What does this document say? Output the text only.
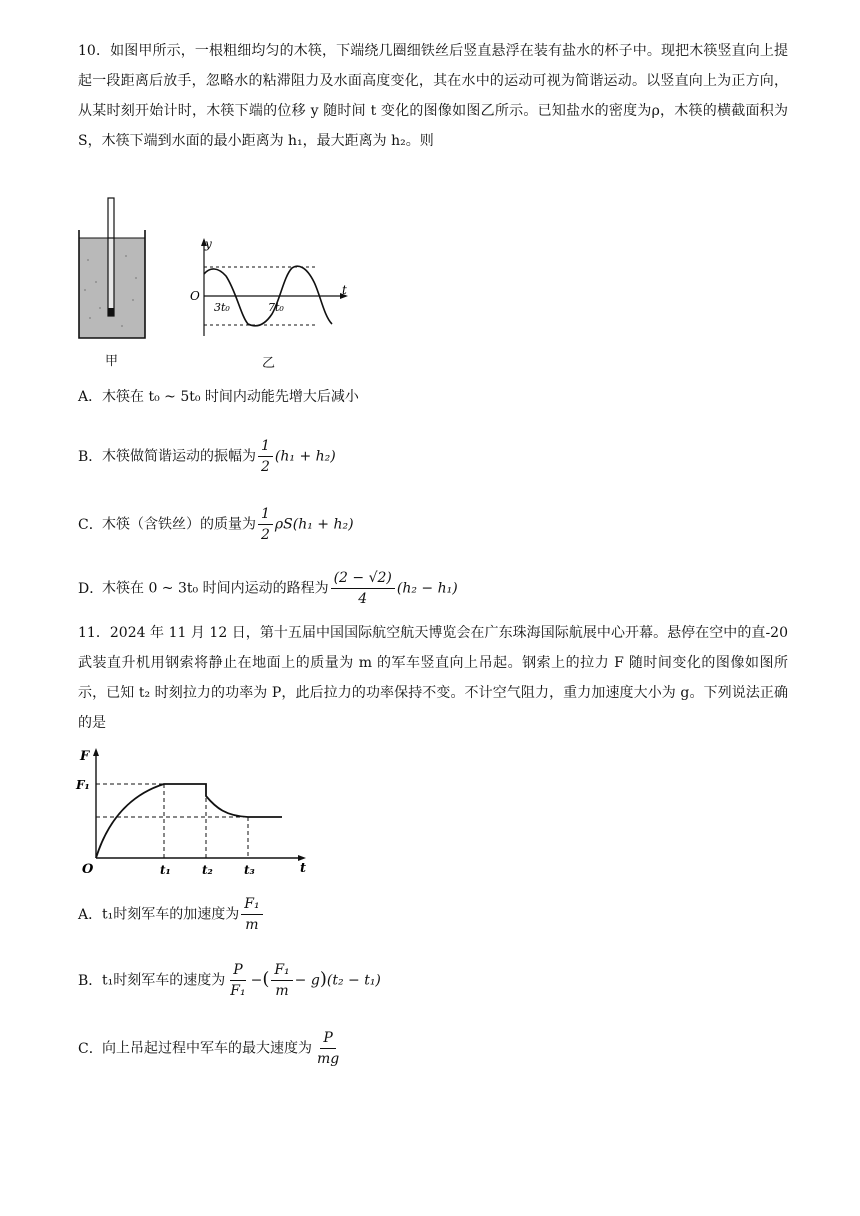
10．如图甲所示，一根粗细均匀的木筷，下端绕几圈细铁丝后竖直悬浮在装有盐水的杯子中。现把木筷竖直向上提起一段距离后放手，忽略水的粘滞阻力及水面高度变化，其在水中的运动可视为简谐运动。以竖直向上为正方向，从某时刻开始计时，木筷下端的位移 y 随时间 t 变化的图像如图乙所示。已知盐水的密度为ρ，木筷的横截面积为 S，木筷下端到水面的最小距离为 h₁，最大距离为 h₂。则

甲
y
O	t
3t₀	7t₀
乙
A．木筷在 t₀ ~ 5t₀ 时间内动能先增大后减小
B．木筷做简谐运动的振幅为 $\frac{1}{2} (h_1 + h_2)$
C．木筷（含铁丝）的质量为 $\frac{1}{2} \rho S(h_1 + h_2)$
D．木筷在 0 ~ 3t₀ 时间内运动的路程为 $\frac{(2 - √2)}{4} (h_2 - h_1)$

11．2024 年 11 月 12 日，第十五届中国国际航空航天博览会在广东珠海国际航展中心开幕。悬停在空中的直-20 武装直升机用钢索将静止在地面上的质量为 m 的军车竖直向上吊起。钢索上的拉力 F 随时间变化的图像如图所示，已知 t₂ 时刻拉力的功率为 P，此后拉力的功率保持不变。不计空气阻力，重力加速度大小为 g。下列说法正确的是

F
F₁
O	t₁	t₂	t₃	t
A．t₁时刻军车的加速度为 $\frac{\text{F₁}}{m}$
B．t₁时刻军车的速度为 $\frac{P}{\text{F₁}}$ −( $\frac{\text{F₁}}{m} - g)(t_2 - t_1)$
C．向上吊起过程中军车的最大速度为 $\frac{P}{mg}$
